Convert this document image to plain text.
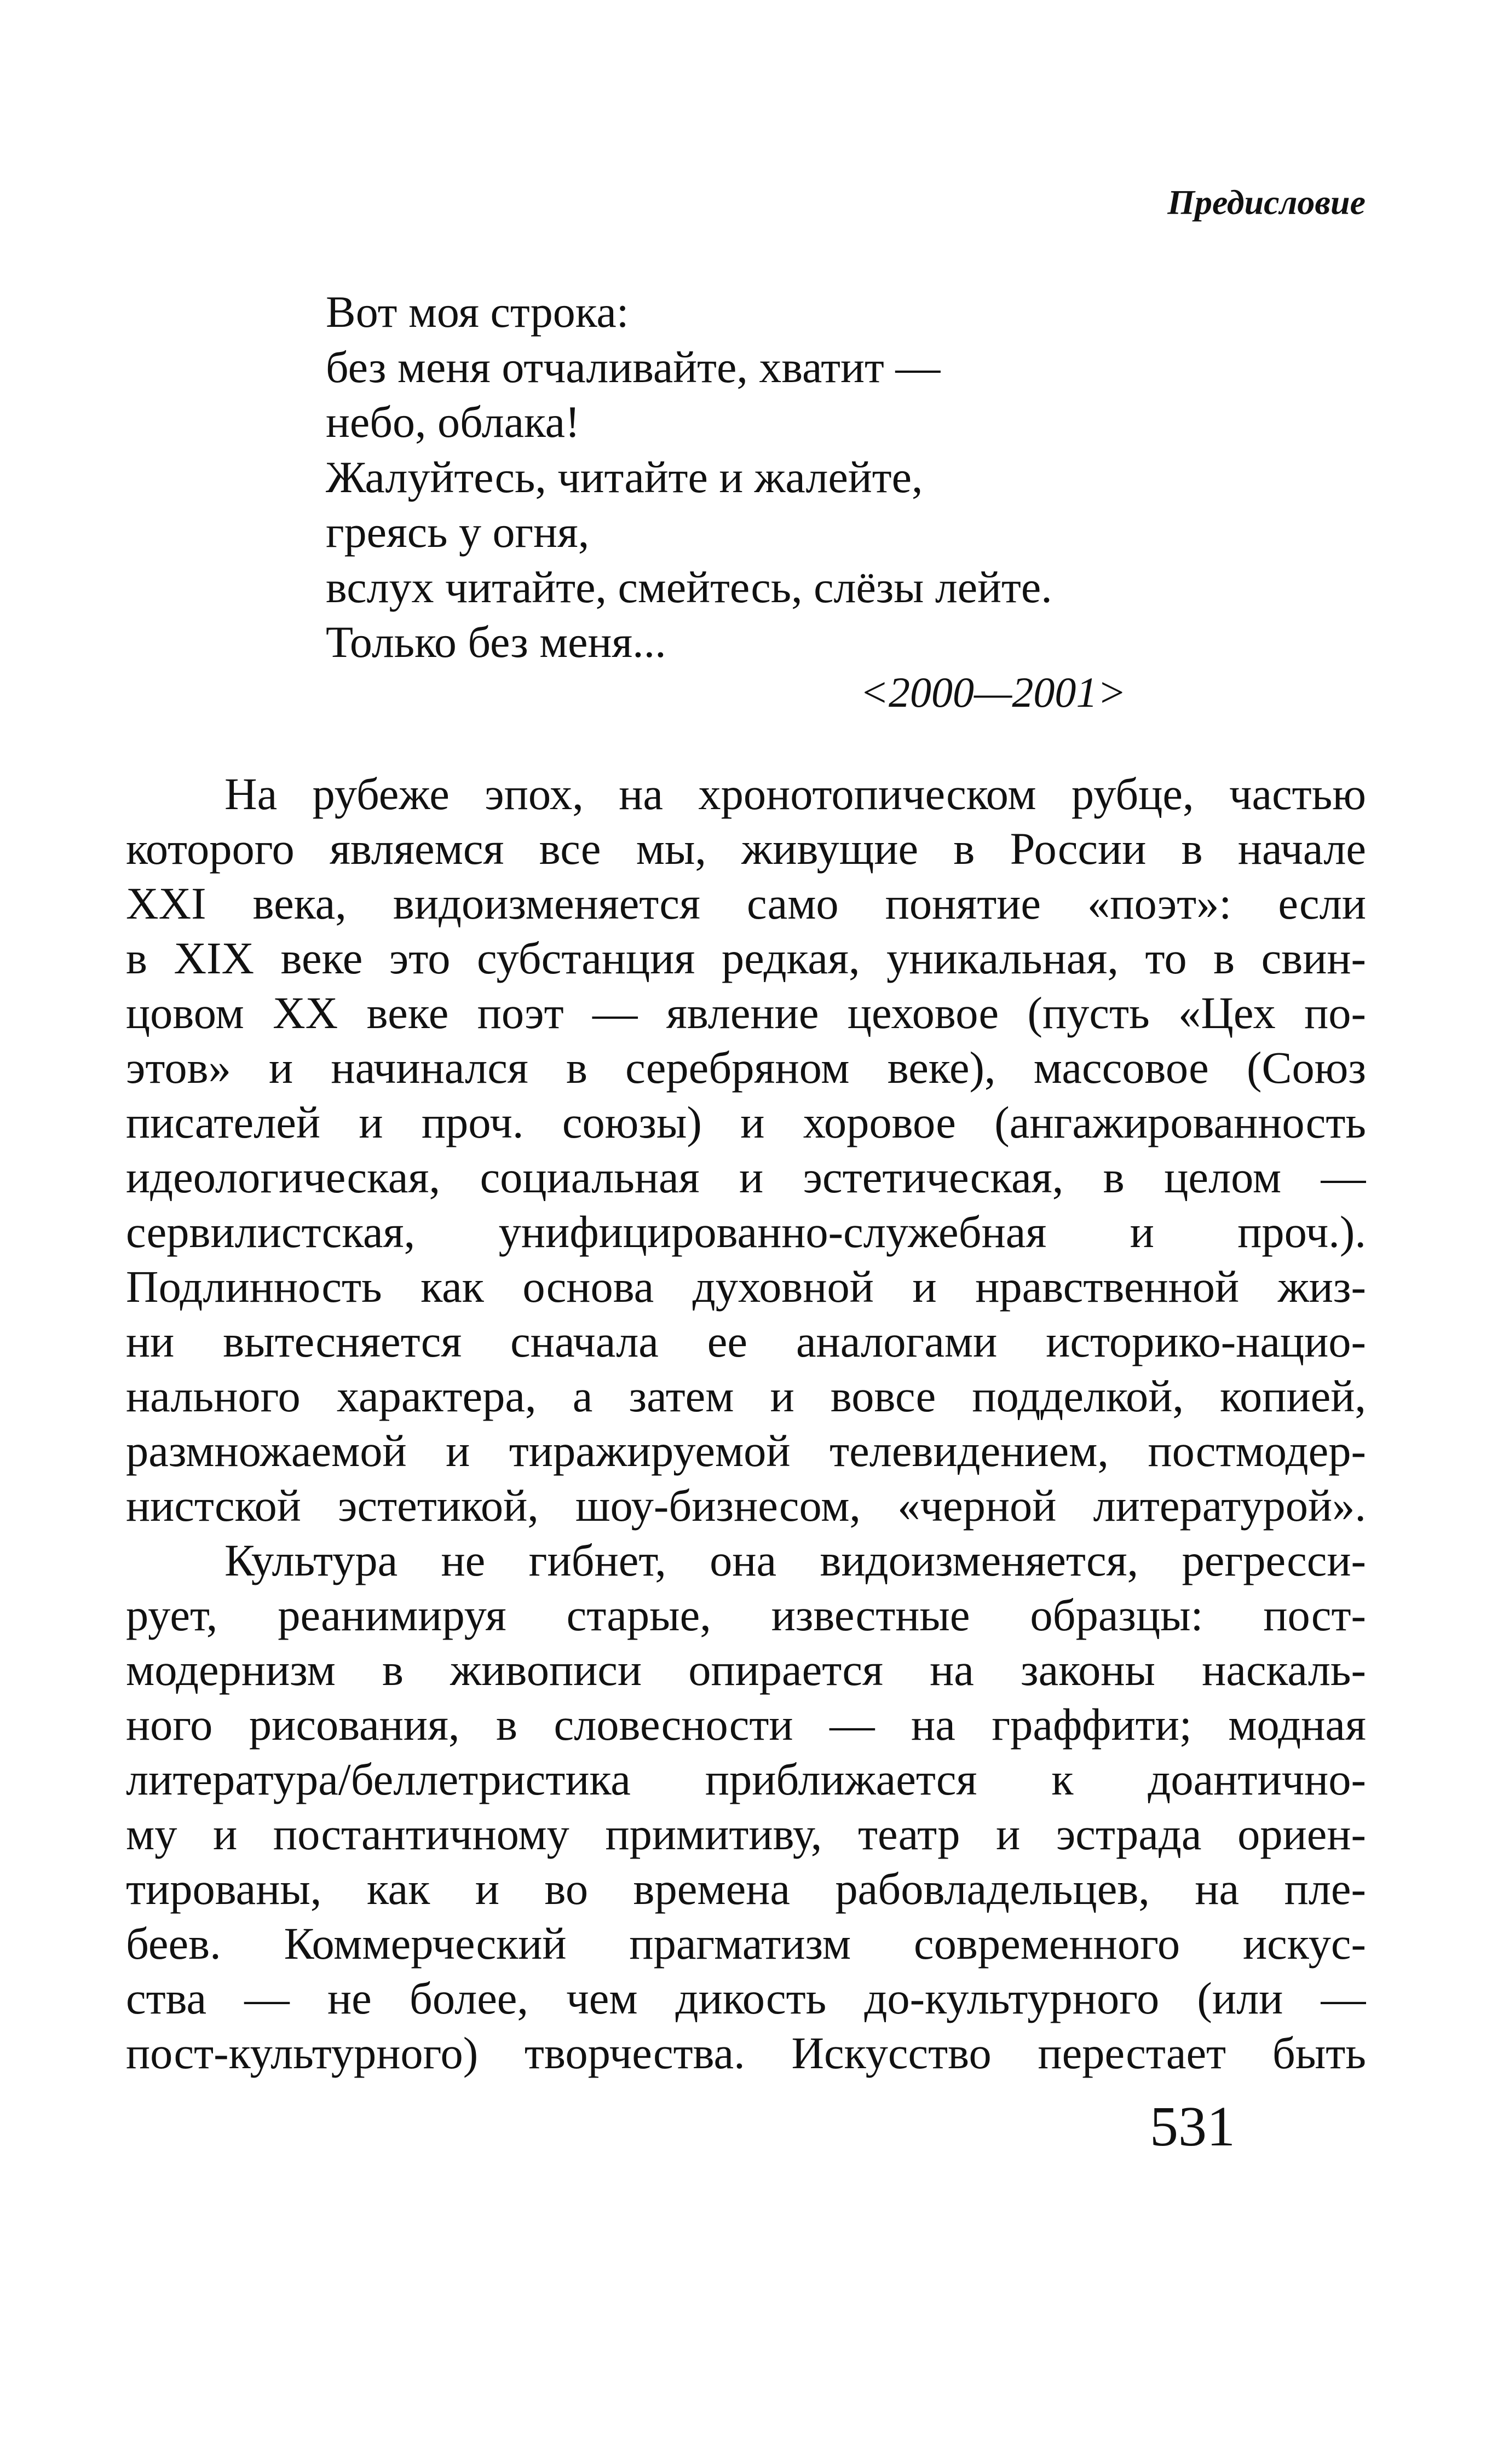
Предисловие
Вот моя строка:
без меня отчаливайте, хватит —
небо, облака!
Жалуйтесь, читайте и жалейте,
греясь у огня,
вслух читайте, смейтесь, слёзы лейте.
Только без меня...
<2000—2001>
На рубеже эпох, на хронотопическом рубце, частью
которого являемся все мы, живущие в России в начале
XXI века, видоизменяется само понятие «поэт»: если
в XIX веке это субстанция редкая, уникальная, то в свин-
цовом XX веке поэт — явление цеховое (пусть «Цех по-
этов» и начинался в серебряном веке), массовое (Союз
писателей и проч. союзы) и хоровое (ангажированность
идеологическая, социальная и эстетическая, в целом —
сервилистская, унифицированно-служебная и проч.).
Подлинность как основа духовной и нравственной жиз-
ни вытесняется сначала ее аналогами историко-нацио-
нального характера, а затем и вовсе подделкой, копией,
размножаемой и тиражируемой телевидением, постмодер-
нистской эстетикой, шоу-бизнесом, «черной литературой».
Культура не гибнет, она видоизменяется, регресси-
рует, реанимируя старые, известные образцы: пост-
модернизм в живописи опирается на законы наскаль-
ного рисования, в словесности — на граффити; модная
литература/беллетристика приближается к доантично-
му и постантичному примитиву, театр и эстрада ориен-
тированы, как и во времена рабовладельцев, на пле-
беев. Коммерческий прагматизм современного искус-
ства — не более, чем дикость до-культурного (или —
пост-культурного) творчества. Искусство перестает быть
531
